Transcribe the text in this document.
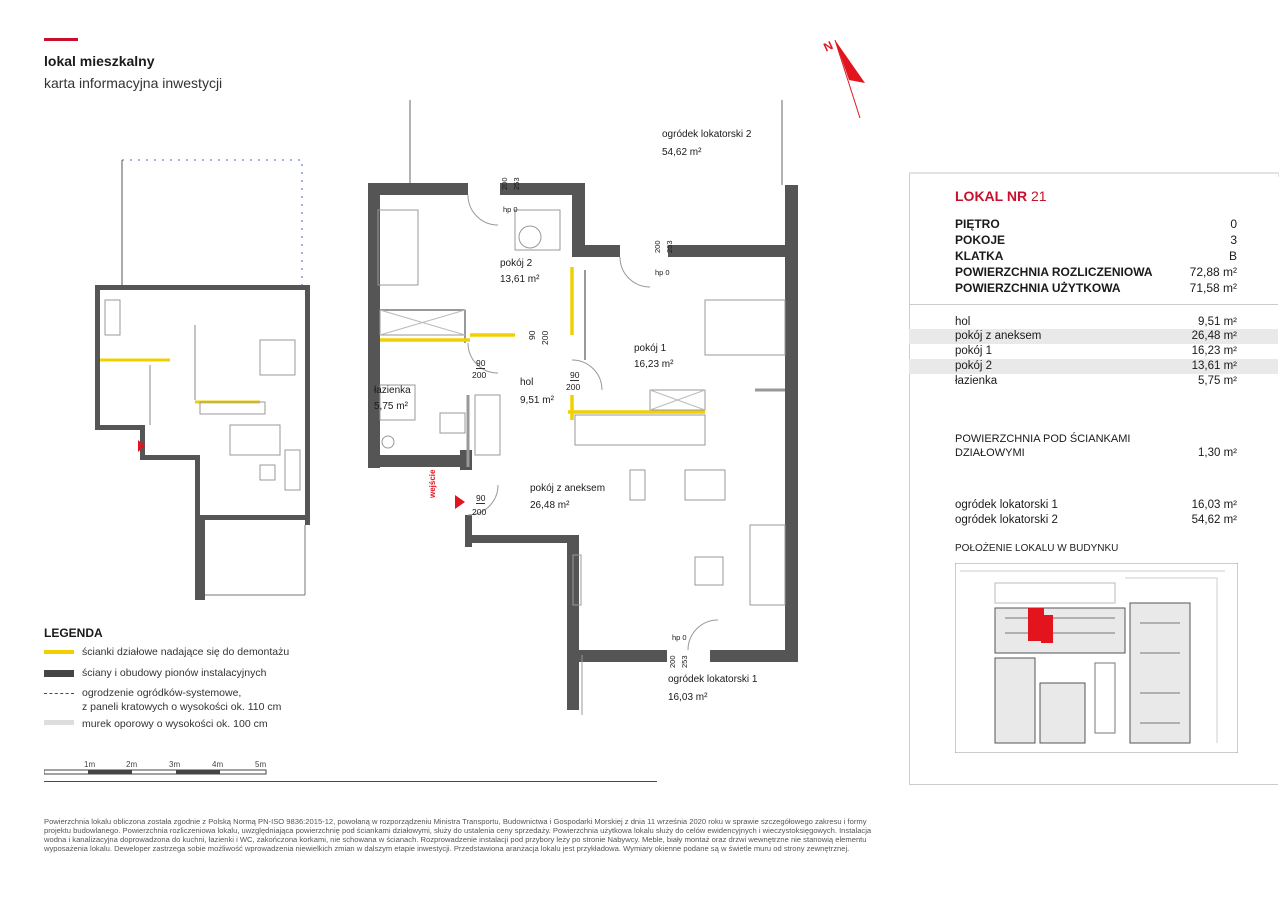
lokal mieszkalny
karta informacyjna inwestycji
N
pokój 2
13,61 m²
pokój 1
16,23 m²
łazienka
5,75 m²
hol
9,51 m²
pokój z aneksem
26,48 m²
ogródek lokatorski 2
54,62 m²
ogródek lokatorski 1
16,03 m²
wejście
90
200	90
200
90
200
90 200
200 253
200 253
200 253
hp 0
hp 0
hp 0
LOKAL NR 21
PIĘTRO	0
POKOJE	3
KLATKA	B
POWIERZCHNIA ROZLICZENIOWA	72,88 m²
POWIERZCHNIA UŻYTKOWA	71,58 m²
hol	9,51 m²
pokój z aneksem	26,48 m²
pokój 1	16,23 m²
pokój 2	13,61 m²
łazienka	5,75 m²
POWIERZCHNIA POD ŚCIANKAMI
DZIAŁOWYMI	1,30 m²
ogródek lokatorski 1	16,03 m²
ogródek lokatorski 2	54,62 m²
POŁOŻENIE LOKALU W BUDYNKU
LEGENDA
ścianki działowe nadające się do demontażu
ściany i obudowy pionów instalacyjnych
ogrodzenie ogródków-systemowe,
z paneli kratowych o wysokości ok. 110 cm
murek oporowy o wysokości ok. 100 cm
1m	2m	3m	4m	5m
Powierzchnia lokalu obliczona została zgodnie z Polską Normą PN-ISO 9836:2015-12, powołaną w rozporządzeniu Ministra Transportu, Budownictwa i Gospodarki Morskiej z dnia 11 września 2020 roku w sprawie szczegółowego zakresu i formy projektu budowlanego. Powierzchnia rozliczeniowa lokalu, uwzględniająca powierzchnię pod ściankami działowymi, służy do ustalenia ceny sprzedaży. Powierzchnia użytkowa lokalu służy do celów ewidencyjnych i wieczystoksięgowych. Instalacja wodna i kanalizacyjna doprowadzona do kuchni, łazienki i WC, zakończona korkami, nie schowana w ścianach. Rozprowadzenie instalacji pod przybory leży po stronie Nabywcy. Meble, biały montaż oraz drzwi wewnętrzne nie stanowią elementu wyposażenia lokalu. Deweloper zastrzega sobie możliwość wprowadzenia niewielkich zmian w dalszym etapie inwestycji. Przedstawiona aranżacja lokalu jest przykładowa. Wymiary okienne podane są w świetle muru od strony zewnętrznej.
